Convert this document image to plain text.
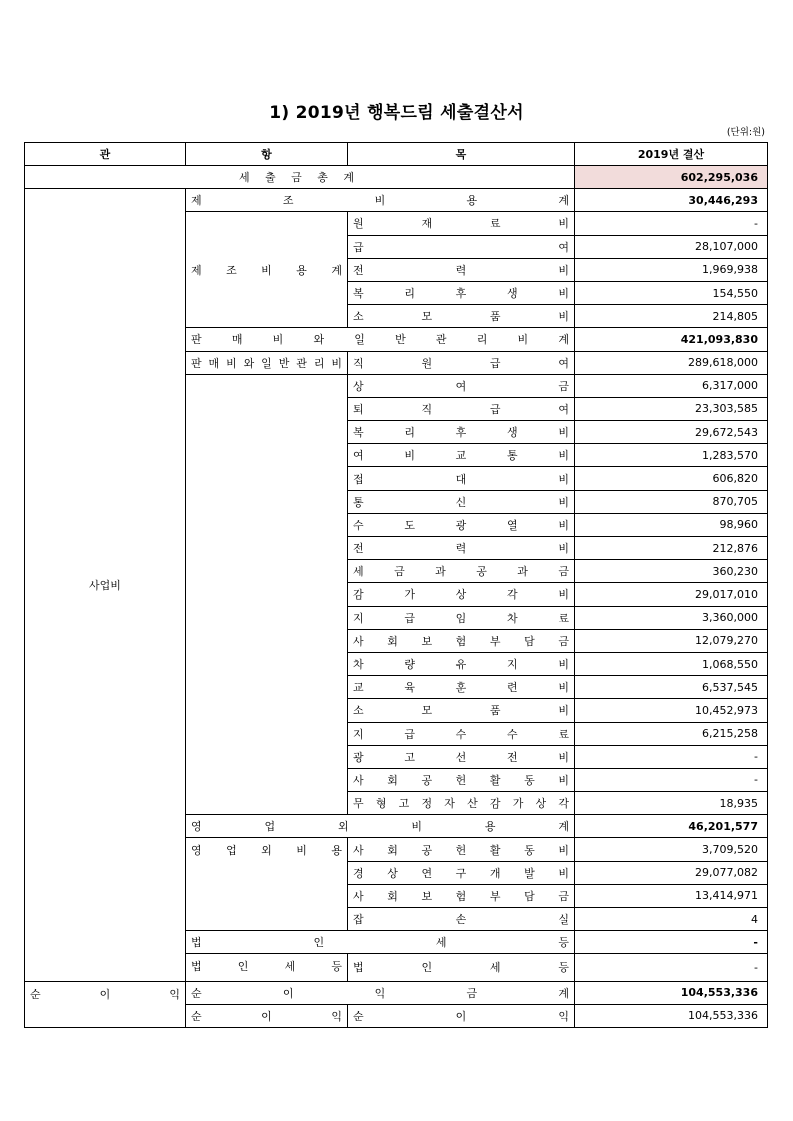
1) 2019년 행복드림 세출결산서
(단위:원)
관	항	목	2019년 결산
세 출 금 총 계			602,295,036
사업비	제 조 비 용 계		30,446,293
	제 조 비 용 계	원 재 료 비	-
		급 여	28,107,000
		전 력 비	1,969,938
		복 리 후 생 비	154,550
		소 모 품 비	214,805
	판 매 비 와 일 반 관 리 비 계		421,093,830
	판 매 비 와 일 반 관 리 비	직 원 급 여	289,618,000
		상 여 금	6,317,000
		퇴 직 급 여	23,303,585
		복 리 후 생 비	29,672,543
		여 비 교 통 비	1,283,570
		접 대 비	606,820
		통 신 비	870,705
		수 도 광 열 비	98,960
		전 력 비	212,876
		세 금 과 공 과 금	360,230
		감 가 상 각 비	29,017,010
		지 급 임 차 료	3,360,000
		사 회 보 험 부 담 금	12,079,270
		차 량 유 지 비	1,068,550
		교 육 훈 련 비	6,537,545
		소 모 품 비	10,452,973
		지 급 수 수 료	6,215,258
		광 고 선 전 비	-
		사 회 공 헌 활 동 비	-
		무 형 고 정 자 산 감 가 상 각	18,935
	영 업 외 비 용 계		46,201,577
	영 업 외 비 용	사 회 공 헌 활 동 비	3,709,520
		경 상 연 구 개 발 비	29,077,082
		사 회 보 험 부 담 금	13,414,971
		잡 손 실	4
	법 인 세 등		-
	법 인 세 등	법 인 세 등	-
순 이 익	순 이 익 금 계		104,553,336
	순 이 익	순 이 익	104,553,336
